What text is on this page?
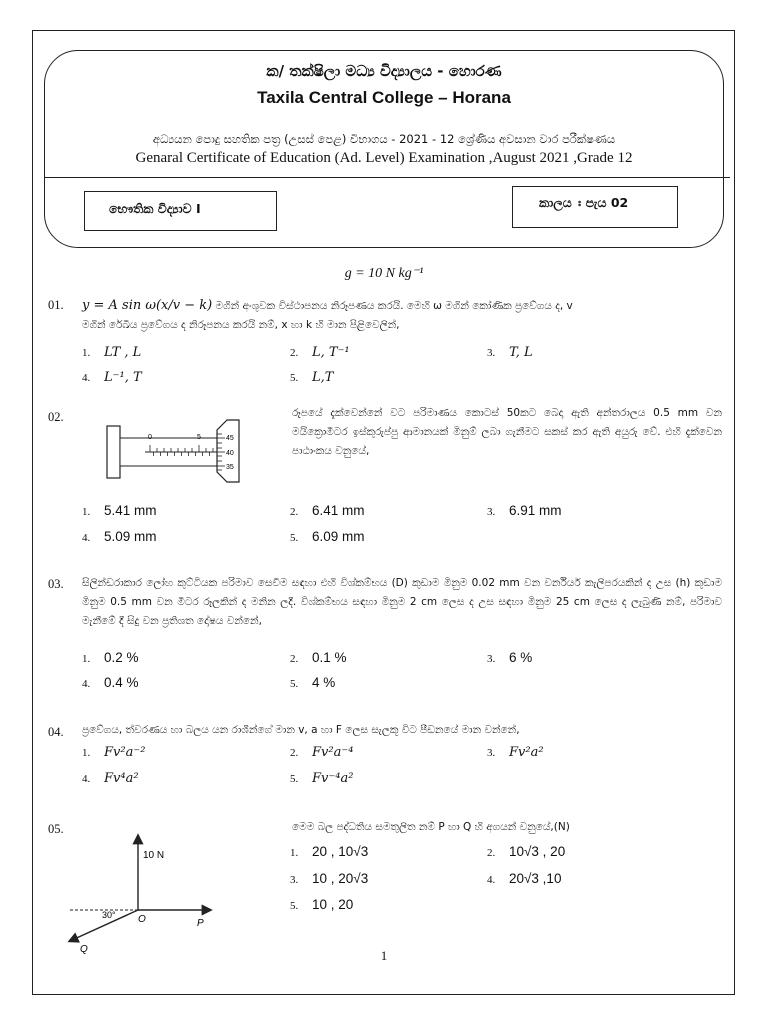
ක/ තක්ෂිලා මධ්‍ය විද්‍යාලය - හොරණ
Taxila Central College – Horana
අධ්‍යයන පොදු සහතික පත්‍ර (උසස් පෙළ) විභාගය - 2021 - 12 ශ්‍රේණිය අවසාන වාර පරීක්ෂණය
Genaral Certificate of Education (Ad. Level) Examination ,August 2021 ,Grade 12
භෞතික විද්‍යාව I	කාලය ඃ පැය 02
g = 10 N kg⁻¹
01. y = A sin ω(x/v − k) මගින් අංශුවක විස්ථාපනය නිරූපණය කරයි. මෙහි ω මගින් කෝණික ප්‍රවේගය ද, v
මගින් රේඛීය ප්‍රවේගය ද නිරූපනය කරයි නම්, x හා k හි මාන පිළිවෙලින්,
1. LT , L	2. L, T⁻¹	3. T, L
4. L⁻¹, T	5. L,T
02.
0	5	45
40
35
රූපයේ දැක්වෙන්නේ වට පරිමාණය කොටස් 50කට බෙදා ඇති අන්තරාලය 0.5 mm වන මයික්‍රොමීටර ඉස්කුරුප්පු ආමානයක් මිනුම් ලබා ගැනීමට සකස් කර ඇති අයුරු වේ. එහි දැක්වෙන පාඨාංකය වනුයේ,
1. 5.41 mm	2. 6.41 mm	3. 6.91 mm
4. 5.09 mm	5. 6.09 mm
03. සිලින්ඩරාකාර ලෝහ කුට්ටියක පරිමාව සෙවීම සඳහා එහි විශ්කම්භය (D) කුඩාම මිනුම 0.02 mm වන වර්නියර් කැලිපරයකින් ද උස (h) කුඩාම මිනුම 0.5 mm වන මීටර රූලකින් ද මනින ලදී. විශ්කම්භය සඳහා මිනුම 2 cm ලෙස ද උස සඳහා මිනුම 25 cm ලෙස ද ලැබුණි නම්, පරිමාව මැනීමේ දී සිදු වන ප්‍රතිශත දෝෂය වන්නේ,
1. 0.2 %	2. 0.1 %	3. 6 %
4. 0.4 %	5. 4 %
04. ප්‍රවේගය, ත්වරණය හා බලය යන රාශීන්ගේ මාන v, a හා F ලෙස සැලකූ විට පීඩනයේ මාන වන්නේ,
1. Fv²a⁻²	2. Fv²a⁻⁴	3. Fv²a²
4. Fv⁴a²	5. Fv⁻⁴a²
05.
10 N
30° O	P
Q
මෙම බල පද්ධතිය සමතුලිත නම් P හා Q හි අගයන් වනුයේ,(N)
1. 20 , 10√3	2. 10√3 , 20
3. 10 , 20√3	4. 20√3 ,10
5. 10 , 20
1
